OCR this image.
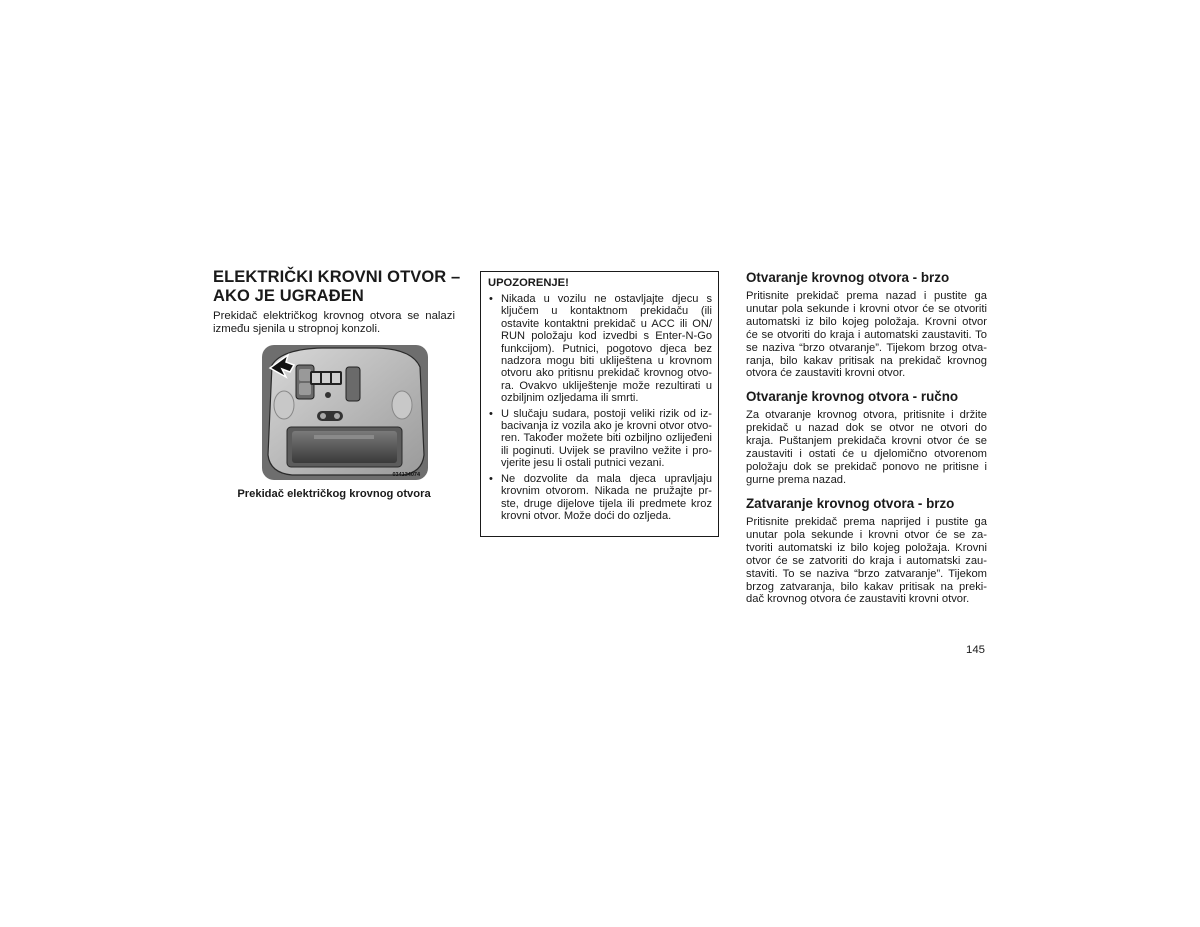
ELEKTRIČKI KROVNI OTVOR –
AKO JE UGRAĐEN

Prekidač električkog krovnog otvora se nalazi
između sjenila u stropnoj konzoli.

034134074

Prekidač električkog krovnog otvora

UPOZORENJE!

• Nikada u vozilu ne ostavljajte djecu s
ključem u kontaktnom prekidaču (ili
ostavite kontaktni prekidač u ACC ili ON/
RUN položaju kod izvedbi s Enter-N-Go
funkcijom). Putnici, pogotovo djeca bez
nadzora mogu biti ukliještena u krovnom
otvoru ako pritisnu prekidač krovnog otvo-
ra. Ovakvo ukliještenje može rezultirati u
ozbiljnim ozljedama ili smrti.
• U slučaju sudara, postoji veliki rizik od iz-
bacivanja iz vozila ako je krovni otvor otvo-
ren. Također možete biti ozbiljno ozlijeđeni
ili poginuti. Uvijek se pravilno vežite i pro-
vjerite jesu li ostali putnici vezani.
• Ne dozvolite da mala djeca upravljaju
krovnim otvorom. Nikada ne pružajte pr-
ste, druge dijelove tijela ili predmete kroz
krovni otvor. Može doći do ozljeda.
Otvaranje krovnog otvora - brzo

Pritisnite prekidač prema nazad i pustite ga
unutar pola sekunde i krovni otvor će se otvoriti
automatski iz bilo kojeg položaja. Krovni otvor
će se otvoriti do kraja i automatski zaustaviti. To
se naziva “brzo otvaranje”. Tijekom brzog otva-
ranja, bilo kakav pritisak na prekidač krovnog
otvora će zaustaviti krovni otvor.

Otvaranje krovnog otvora - ručno

Za otvaranje krovnog otvora, pritisnite i držite
prekidač u nazad dok se otvor ne otvori do
kraja. Puštanjem prekidača krovni otvor će se
zaustaviti i ostati će u djelomično otvorenom
položaju dok se prekidač ponovo ne pritisne i
gurne prema nazad.

Zatvaranje krovnog otvora - brzo

Pritisnite prekidač prema naprijed i pustite ga
unutar pola sekunde i krovni otvor će se za-
tvoriti automatski iz bilo kojeg položaja. Krovni
otvor će se zatvoriti do kraja i automatski zau-
staviti. To se naziva “brzo zatvaranje”. Tijekom
brzog zatvaranja, bilo kakav pritisak na preki-
dač krovnog otvora će zaustaviti krovni otvor.

145
